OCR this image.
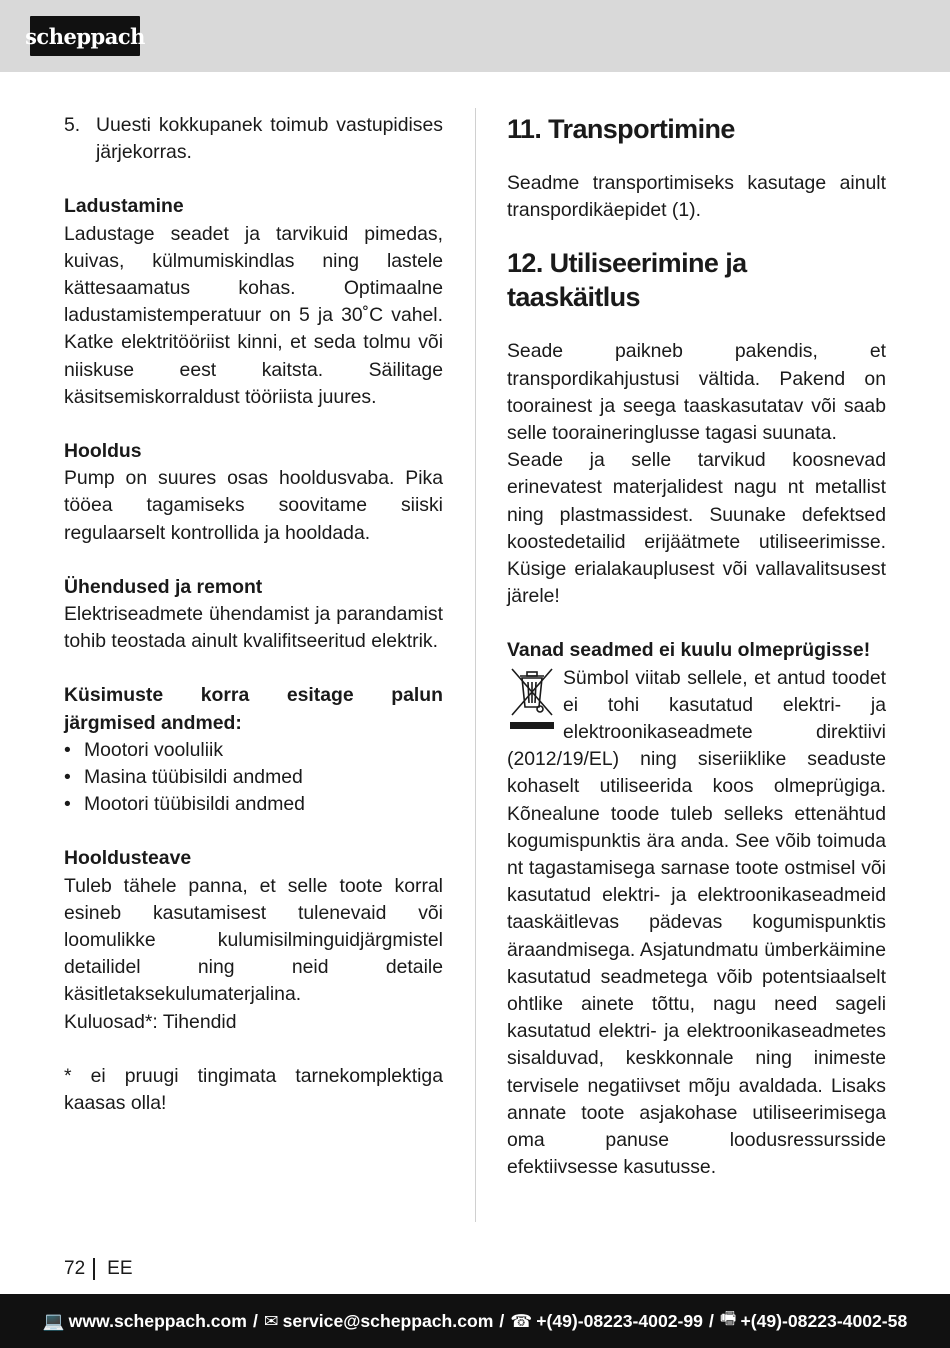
scheppach
5. Uuesti kokkupanek toimub vastupidises järjekorras.
Ladustamine

Ladustage seadet ja tarvikuid pimedas, kuivas, külmumiskindlas ning lastele kättesaamatus kohas. Optimaalne ladustamistemperatuur on 5 ja 30˚C vahel. Katke elektritööriist kinni, et seda tolmu või niiskuse eest kaitsta. Säilitage käsitsemiskorraldust tööriista juures.

Hooldus

Pump on suures osas hooldusvaba. Pika tööea tagamiseks soovitame siiski regulaarselt kontrollida ja hooldada.

Ühendused ja remont

Elektriseadmete ühendamist ja parandamist tohib teostada ainult kvalifitseeritud elektrik.

Küsimuste korra esitage palun järgmised andmed:
• Mootori vooluliik
• Masina tüübisildi andmed
• Mootori tüübisildi andmed
Hooldusteave

Tuleb tähele panna, et selle toote korral esineb kasutamisest tulenevaid või loomulikke kulumisilminguidjärgmistel detailidel ning neid detaile käsitletaksekulumaterjalina.

Kuluosad*: Tihendid

* ei pruugi tingimata tarnekomplektiga kaasas olla!

11. Transportimine

Seadme transportimiseks kasutage ainult transpordikäepidet (1).

12. Utiliseerimine ja taaskäitlus

Seade paikneb pakendis, et transpordikahjustusi vältida. Pakend on toorainest ja seega taaskasutatav või saab selle tooraineringlusse tagasi suunata.

Seade ja selle tarvikud koosnevad erinevatest materjalidest nagu nt metallist ning plastmassidest. Suunake defektsed koostedetailid erijäätmete utiliseerimisse. Küsige erialakauplusest või vallavalitsusest järele!

Vanad seadmed ei kuulu olmeprügisse!

Sümbol viitab sellele, et antud toodet ei tohi kasutatud elektri- ja elektroonikaseadmete direktiivi (2012/19/EL) ning siseriiklike seaduste kohaselt utiliseerida koos olmeprügiga. Kõnealune toode tuleb selleks ettenähtud kogumispunktis ära anda. See võib toimuda nt tagastamisega sarnase toote ostmisel või kasutatud elektri- ja elektroonikaseadmeid taaskäitlevas pädevas kogumispunktis äraandmisega. Asjatundmatu ümberkäimine kasutatud seadmetega võib potentsiaalselt ohtlike ainete tõttu, nagu need sageli kasutatud elektri- ja elektroonikaseadmetes sisalduvad, keskkonnale ning inimeste tervisele negatiivset mõju avaldada. Lisaks annate toote asjakohase utiliseerimisega oma panuse loodusressursside efektiivsesse kasutusse.

72 EE
💻 www.scheppach.com / ✉ service@scheppach.com / ☎ +(49)-08223-4002-99 / 🖷 +(49)-08223-4002-58
